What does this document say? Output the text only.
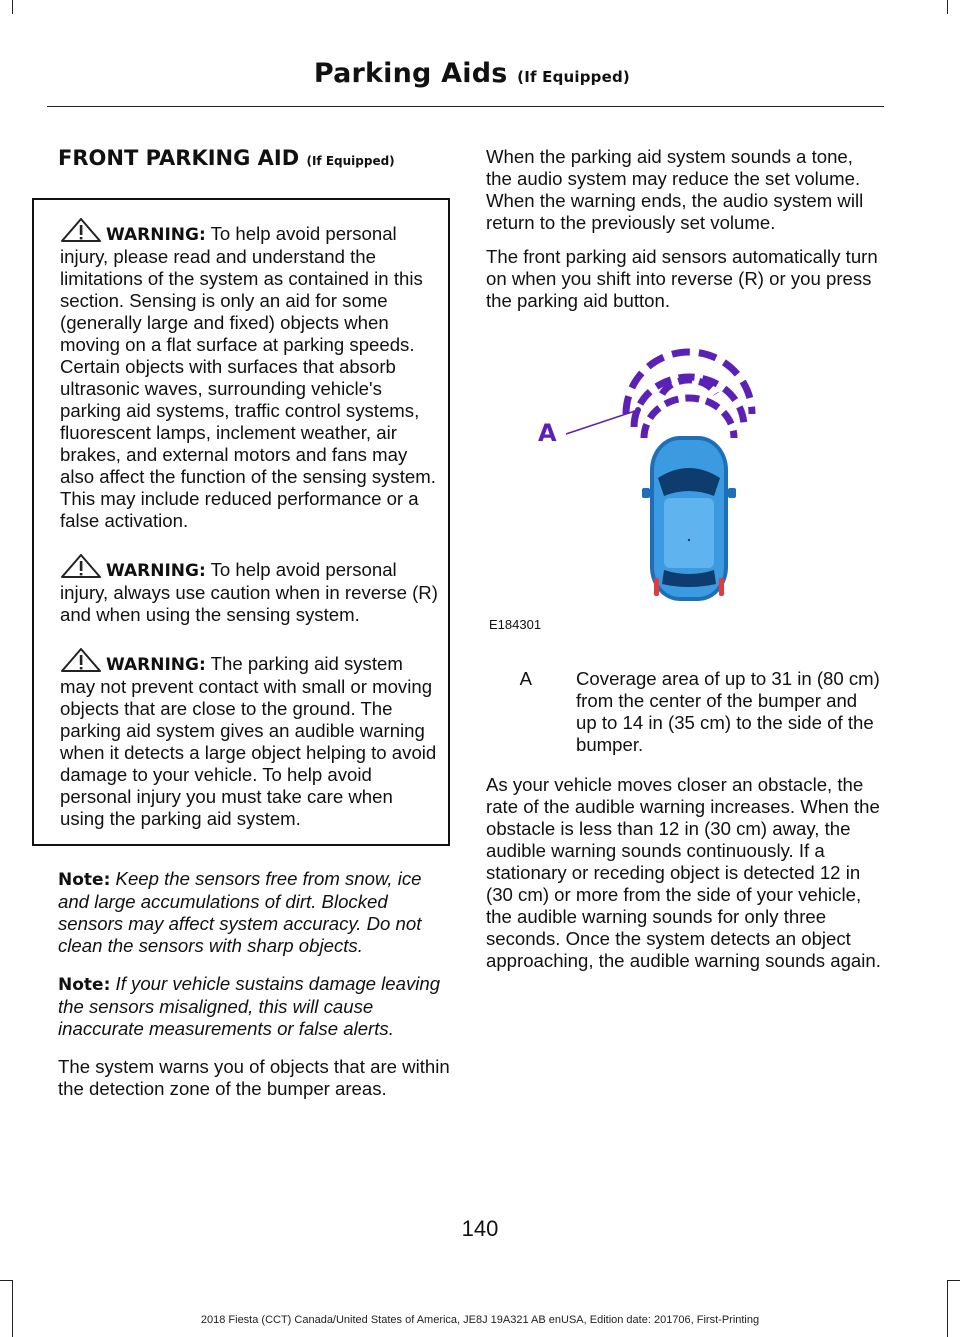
Parking Aids (If Equipped)
FRONT PARKING AID (If Equipped)
WARNING: To help avoid personal injury, please read and understand the limitations of the system as contained in this section. Sensing is only an aid for some (generally large and fixed) objects when moving on a flat surface at parking speeds. Certain objects with surfaces that absorb ultrasonic waves, surrounding vehicle's parking aid systems, traffic control systems, fluorescent lamps, inclement weather, air brakes, and external motors and fans may also affect the function of the sensing system. This may include reduced performance or a false activation.
WARNING: To help avoid personal injury, always use caution when in reverse (R) and when using the sensing system.
WARNING: The parking aid system may not prevent contact with small or moving objects that are close to the ground. The parking aid system gives an audible warning when it detects a large object helping to avoid damage to your vehicle. To help avoid personal injury you must take care when using the parking aid system.
Note: Keep the sensors free from snow, ice and large accumulations of dirt. Blocked sensors may affect system accuracy. Do not clean the sensors with sharp objects.
Note: If your vehicle sustains damage leaving the sensors misaligned, this will cause inaccurate measurements or false alerts.

The system warns you of objects that are within the detection zone of the bumper areas.

When the parking aid system sounds a tone, the audio system may reduce the set volume. When the warning ends, the audio system will return to the previously set volume.

The front parking aid sensors automatically turn on when you shift into reverse (R) or you press the parking aid button.

A
E184301
A	Coverage area of up to 31 in (80 cm) from the center of the bumper and up to 14 in (35 cm) to the side of the bumper.

As your vehicle moves closer an obstacle, the rate of the audible warning increases. When the obstacle is less than 12 in (30 cm) away, the audible warning sounds continuously. If a stationary or receding object is detected 12 in (30 cm) or more from the side of your vehicle, the audible warning sounds for only three seconds. Once the system detects an object approaching, the audible warning sounds again.

140
2018 Fiesta (CCT) Canada/United States of America, JE8J 19A321 AB enUSA, Edition date: 201706, First-Printing
